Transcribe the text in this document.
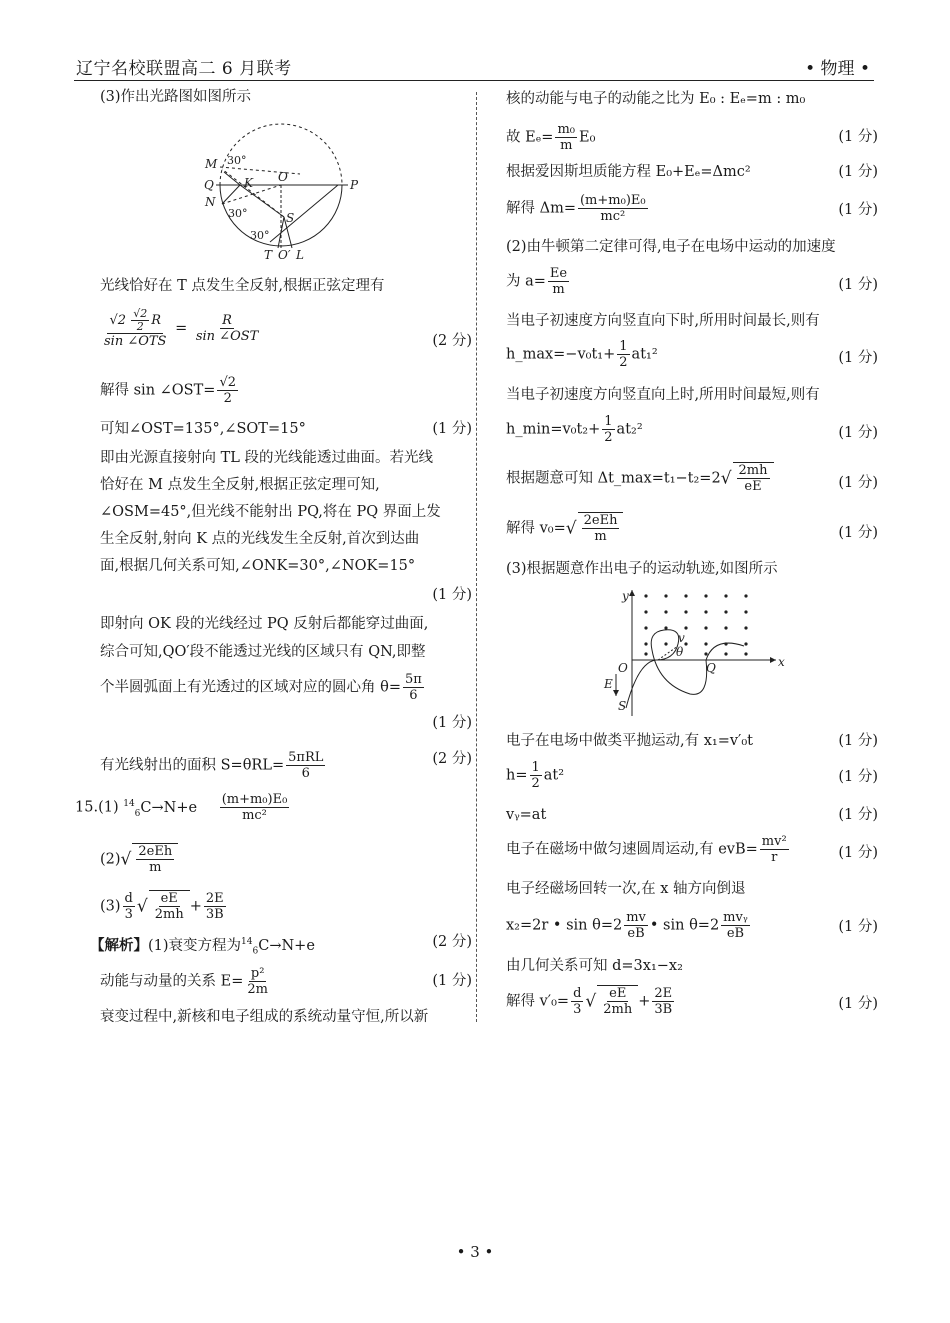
辽宁名校联盟高二 6 月联考	• 物理 •
(3)作出光路图如图所示
M
Q
N
K O
P
S
T O′ L
30°
30°
30°
光线恰好在 T 点发生全反射,根据正弦定理有
$\frac{√2 \frac{√2}{2} R}{\text{sin ∠OTS}} = \frac{R}{\text{sin ∠OST}}$	(2 分)
解得 sin ∠OST= $\frac{√2}{2}$
可知∠OST=135°,∠SOT=15°	(1 分)
即由光源直接射向 TL 段的光线能透过曲面。若光线
恰好在 M 点发生全反射,根据正弦定理可知,
∠OSM=45°,但光线不能射出 PQ,将在 PQ 界面上发
生全反射,射向 K 点的光线发生全反射,首次到达曲
面,根据几何关系可知,∠ONK=30°,∠NOK=15°
(1 分)
即射向 OK 段的光线经过 PQ 反射后都能穿过曲面,
综合可知,QO′段不能透过光线的区域只有 QN,即整
个半圆弧面上有光透过的区域对应的圆心角 $\theta= \frac{5\pi}{6}$
(1 分)
有光线射出的面积 $S=\theta RL= \frac{\text{5πRL}}{6}$	(2 分)
15.(1) $^{14}_6C\to N+e \frac{\text{(m+m₀)E₀}}{\text{mc²}}$
$(2)√ \frac{\text{2eEh}}{m}$
$(3) \frac{d}{3}$ √ $\frac{eE}{2mh} + \frac{2E}{3B}$
【解析】(1)衰变方程为$^{14}_6$C→N+e	(2 分)
动能与动量的关系 $E= \frac{\text{p²}}{2m}$	(1 分)
衰变过程中,新核和电子组成的系统动量守恒,所以新
核的动能与电子的动能之比为 E₀ : Eₑ=m : m₀
故 $E_e= \frac{\text{m₀}}{m} E_0$	(1 分)
根据爱因斯坦质能方程 E₀+Eₑ=Δmc²	(1 分)
解得 $\Delta m= \frac{\text{(m+m₀)E₀}}{\text{mc²}}$	(1 分)
(2)由牛顿第二定律可得,电子在电场中运动的加速度
为 $a= \frac{Ee}{m}$	(1 分)
当电子初速度方向竖直向下时,所用时间最长,则有
h_max=−v₀t₁+ $\frac{1}{2} at_1^2$	(1 分)
当电子初速度方向竖直向上时,所用时间最短,则有
h_min=v₀t₂+ $\frac{1}{2} at_2^2$	(1 分)
根据题意可知 Δt_max=t₁−t₂=2√ $\frac{2mh}{eE}$	(1 分)
解得 $v_0=√ \frac{\text{2eEh}}{m}$	(1 分)
(3)根据题意作出电子的运动轨迹,如图所示
y
x
O	Q
E
S
v
θ
电子在电场中做类平抛运动,有 x₁=v′₀t	(1 分)
$h= \frac{1}{2} at^2$	(1 分)
vᵧ=at	(1 分)
电子在磁场中做匀速圆周运动,有 $evB= \frac{\text{mv²}}{r}$	(1 分)
电子经磁场回转一次,在 x 轴方向倒退
x₂=2r • $\sin \theta=2 \frac{mv}{eB}$ • $\sin \theta=2 \frac{\text{mvᵧ}}{eB}$	(1 分)
由几何关系可知 d=3x₁−x₂
解得 $v'_0= \frac{d}{3}$ √ $\frac{eE}{2mh} + \frac{2E}{3B}$	(1 分)
• 3 •
